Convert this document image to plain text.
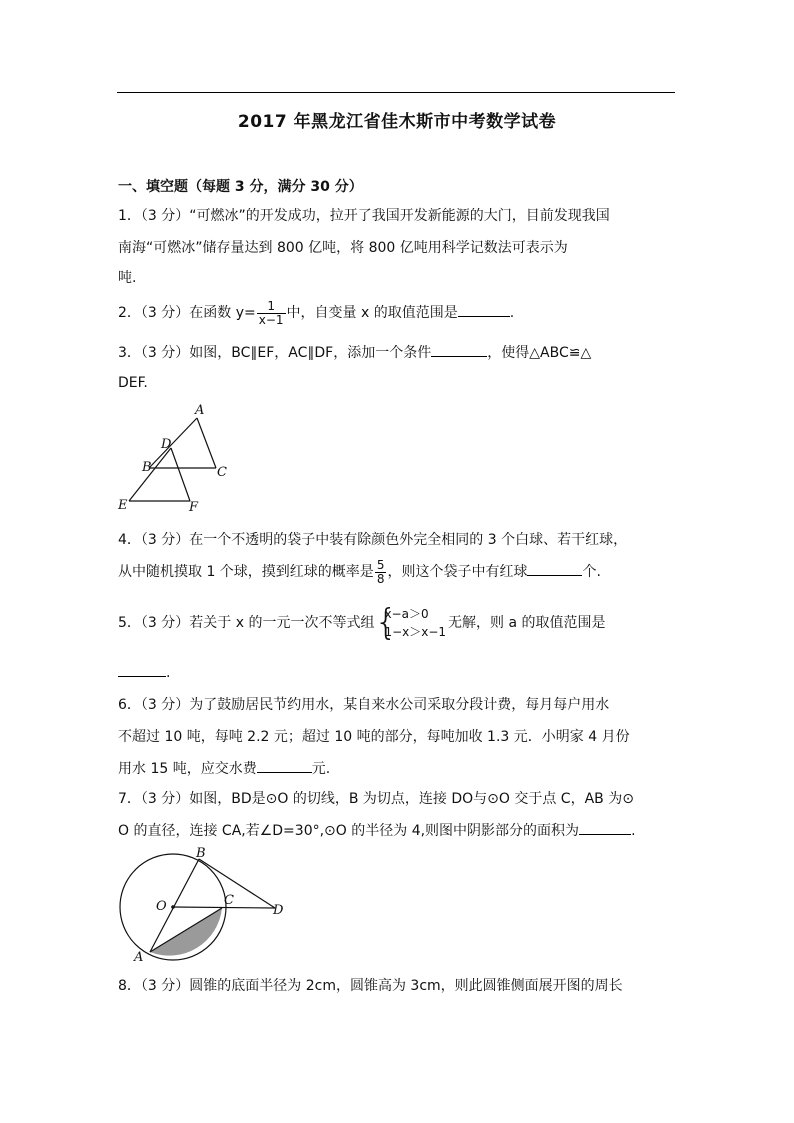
2017 年黑龙江省佳木斯市中考数学试卷
一、填空题（每题 3 分，满分 30 分）
1．（3 分）“可燃冰”的开发成功，拉开了我国开发新能源的大门，目前发现我国
南海“可燃冰”储存量达到 800 亿吨，将 800 亿吨用科学记数法可表示为
吨.
2．（3 分）在函数 $y= \frac{1}{x-1}$ 中，自变量 x 的取值范围是	.
3．（3 分）如图，BC∥EF，AC∥DF，添加一个条件	，使得△ABC≌△
DEF.
A
D
B	C
E	F
4．（3 分）在一个不透明的袋子中装有除颜色外完全相同的 3 个白球、若干红球，
从中随机摸取 1 个球，摸到红球的概率是 $\frac{5}{8}$ ，则这个袋子中有红球	个.
5．（3 分）若关于 x 的一元一次不等式组 {
x−a＞0
1−x＞x−1
无解，则 a 的取值范围是
.
6．（3 分）为了鼓励居民节约用水，某自来水公司采取分段计费，每月每户用水
不超过 10 吨，每吨 2.2 元；超过 10 吨的部分，每吨加收 1.3 元．小明家 4 月份
用水 15 吨，应交水费	元.
7．（3 分）如图，BD是⊙O 的切线，B 为切点，连接 DO与⊙O 交于点 C，AB 为⊙
O 的直径，连接 CA,若∠D=30°,⊙O 的半径为 4,则图中阴影部分的面积为	.
B
O	C
D
A
8．（3 分）圆锥的底面半径为 2cm，圆锥高为 3cm，则此圆锥侧面展开图的周长
